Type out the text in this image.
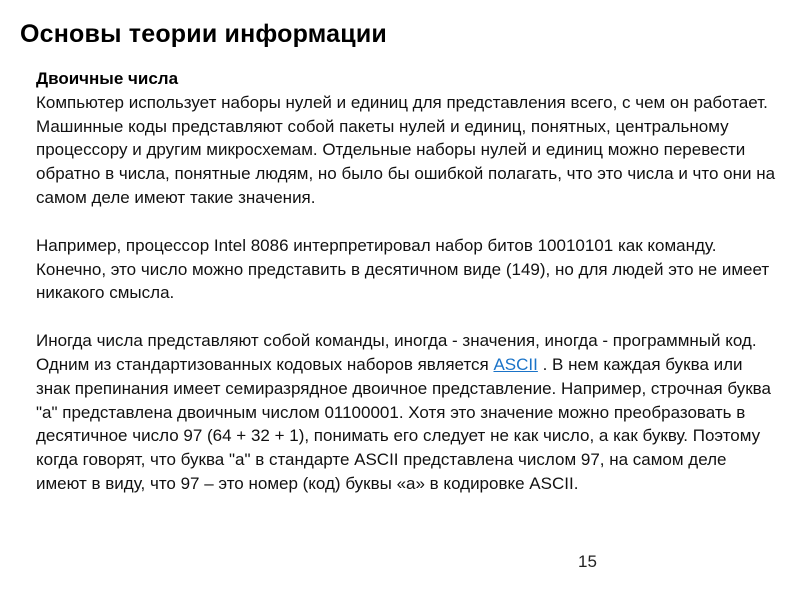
Основы теории информации
Двоичные числа

Компьютер использует наборы нулей и единиц для представления всего, с чем он работает. Машинные коды представляют собой пакеты нулей и единиц, понятных, центральному процессору и другим микросхемам. Отдельные наборы нулей и единиц можно перевести обратно в числа, понятные людям, но было бы ошибкой полагать, что это числа и что они на самом деле имеют такие значения.

Например, процессор Intel 8086 интерпретировал набор битов 10010101 как команду. Конечно, это число можно представить в десятичном виде (149), но для людей это не имеет никакого смысла.

Иногда числа представляют собой команды, иногда - значения, иногда - программный код. Одним из стандартизованных кодовых наборов является ASCII . В нем каждая буква или знак препинания имеет семиразрядное двоичное представление. Например, строчная буква "a" представлена двоичным числом 01100001. Хотя это значение можно преобразовать в десятичное число 97 (64 + 32 + 1), понимать его следует не как число, а как букву. Поэтому когда говорят, что буква "a" в стандарте ASCII представлена числом 97, на самом деле имеют в виду, что 97 – это номер (код) буквы «а» в кодировке ASCII.

15
